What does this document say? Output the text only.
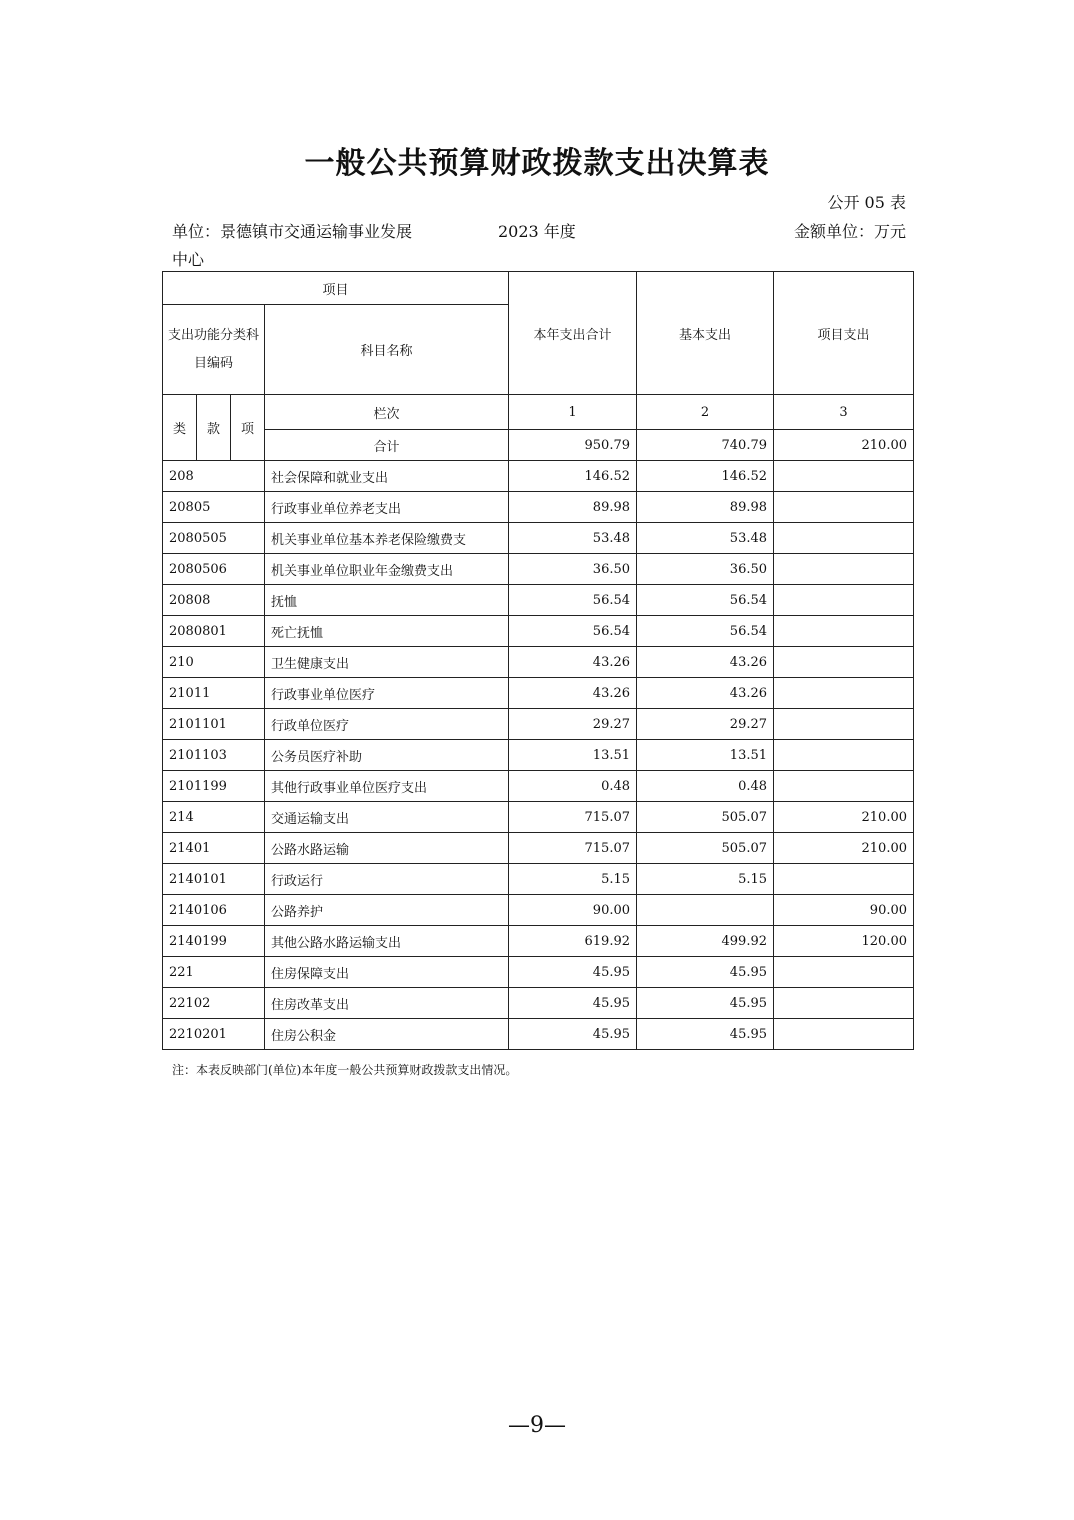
一般公共预算财政拨款支出决算表
公开 05 表
单位：景德镇市交通运输事业发展
中心
2023 年度	金额单位：万元
项目				本年支出合计	基本支出	项目支出
支出功能分类科目编码			科目名称			
类	款	项	栏次	1	2	3
			合计	950.79	740.79	210.00
208			社会保障和就业支出	146.52	146.52	
20805			行政事业单位养老支出	89.98	89.98	
2080505			机关事业单位基本养老保险缴费支	53.48	53.48	
2080506			机关事业单位职业年金缴费支出	36.50	36.50	
20808			抚恤	56.54	56.54	
2080801			死亡抚恤	56.54	56.54	
210			卫生健康支出	43.26	43.26	
21011			行政事业单位医疗	43.26	43.26	
2101101			行政单位医疗	29.27	29.27	
2101103			公务员医疗补助	13.51	13.51	
2101199			其他行政事业单位医疗支出	0.48	0.48	
214			交通运输支出	715.07	505.07	210.00
21401			公路水路运输	715.07	505.07	210.00
2140101			行政运行	5.15	5.15	
2140106			公路养护	90.00		90.00
2140199			其他公路水路运输支出	619.92	499.92	120.00
221			住房保障支出	45.95	45.95	
22102			住房改革支出	45.95	45.95	
2210201			住房公积金	45.95	45.95	
注：本表反映部门(单位)本年度一般公共预算财政拨款支出情况。
—9—
